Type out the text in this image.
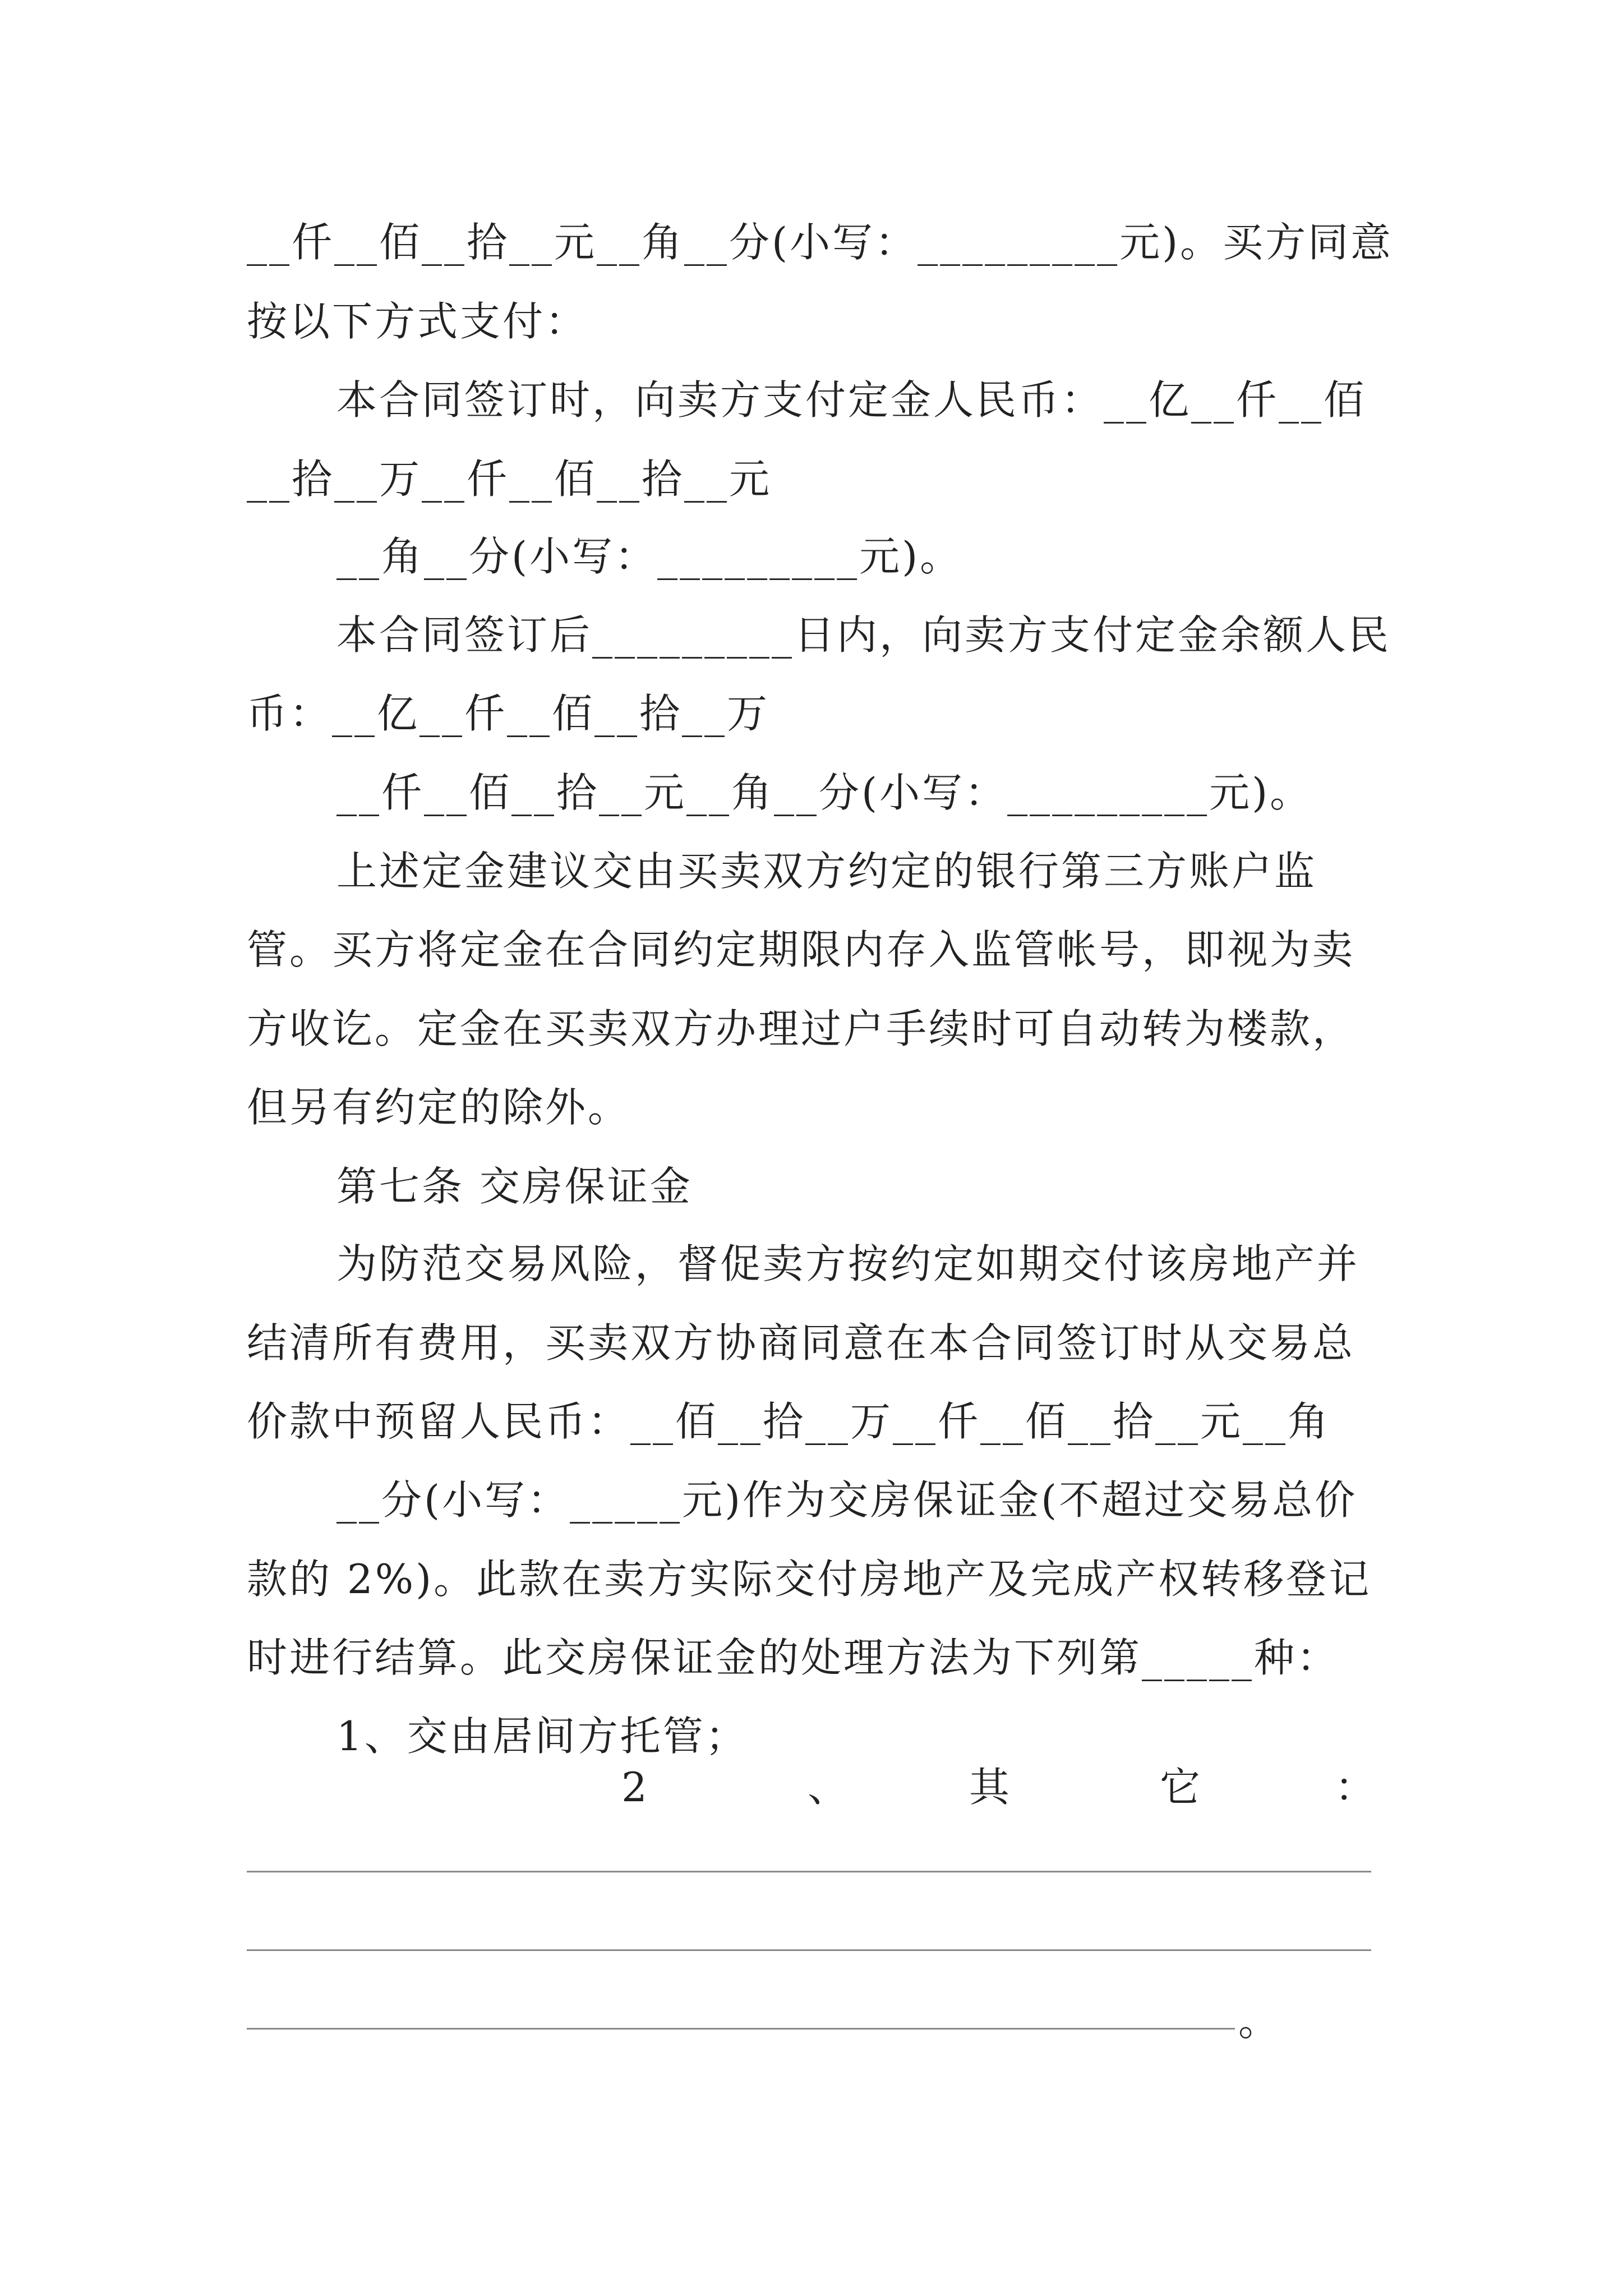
__仟__佰__拾__元__角__分(小写：_________元)。买方同意
按以下方式支付：
本合同签订时，向卖方支付定金人民币：__亿__仟__佰
__拾__万__仟__佰__拾__元
__角__分(小写：_________元)。
本合同签订后_________日内，向卖方支付定金余额人民
币：__亿__仟__佰__拾__万
__仟__佰__拾__元__角__分(小写：_________元)。
上述定金建议交由买卖双方约定的银行第三方账户监
管。买方将定金在合同约定期限内存入监管帐号，即视为卖
方收讫。定金在买卖双方办理过户手续时可自动转为楼款，
但另有约定的除外。
第七条 交房保证金
为防范交易风险，督促卖方按约定如期交付该房地产并
结清所有费用，买卖双方协商同意在本合同签订时从交易总
价款中预留人民币：__佰__拾__万__仟__佰__拾__元__角
__分(小写：_____元)作为交房保证金(不超过交易总价
款的 2%)。此款在卖方实际交付房地产及完成产权转移登记
时进行结算。此交房保证金的处理方法为下列第_____种：
1、交由居间方托管；
2	、	其	它	：
。
